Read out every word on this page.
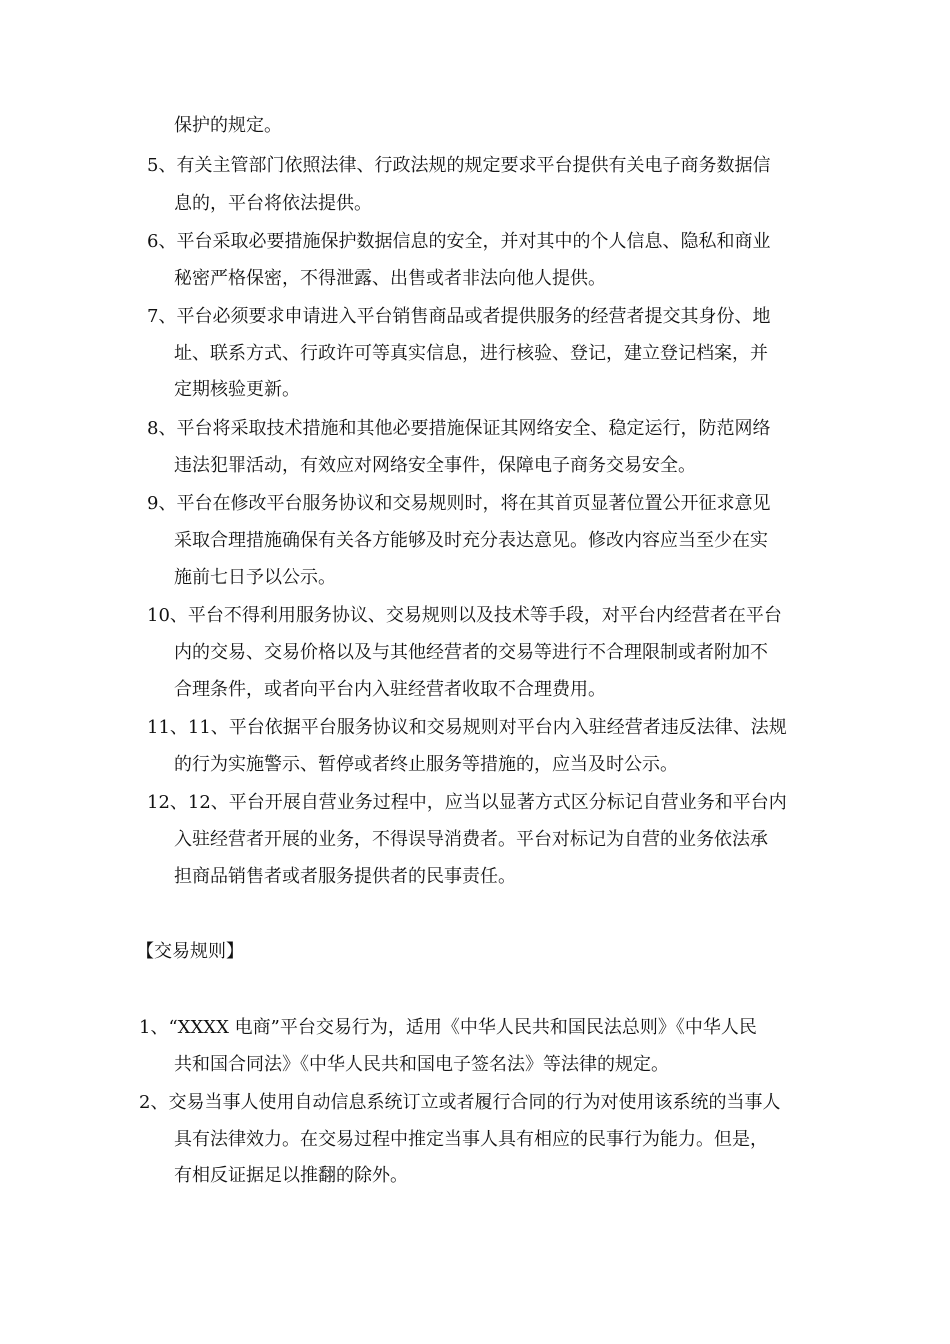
保护的规定。
5、有关主管部门依照法律、行政法规的规定要求平台提供有关电子商务数据信
息的，平台将依法提供。
6、平台采取必要措施保护数据信息的安全，并对其中的个人信息、隐私和商业
秘密严格保密，不得泄露、出售或者非法向他人提供。
7、平台必须要求申请进入平台销售商品或者提供服务的经营者提交其身份、地
址、联系方式、行政许可等真实信息，进行核验、登记，建立登记档案，并
定期核验更新。
8、平台将采取技术措施和其他必要措施保证其网络安全、稳定运行，防范网络
违法犯罪活动，有效应对网络安全事件，保障电子商务交易安全。
9、平台在修改平台服务协议和交易规则时，将在其首页显著位置公开征求意见
采取合理措施确保有关各方能够及时充分表达意见。修改内容应当至少在实
施前七日予以公示。
10、平台不得利用服务协议、交易规则以及技术等手段，对平台内经营者在平台
内的交易、交易价格以及与其他经营者的交易等进行不合理限制或者附加不
合理条件，或者向平台内入驻经营者收取不合理费用。
11、11、平台依据平台服务协议和交易规则对平台内入驻经营者违反法律、法规
的行为实施警示、暂停或者终止服务等措施的，应当及时公示。
12、12、平台开展自营业务过程中，应当以显著方式区分标记自营业务和平台内
入驻经营者开展的业务，不得误导消费者。平台对标记为自营的业务依法承
担商品销售者或者服务提供者的民事责任。
【交易规则】
1、“XXXX 电商”平台交易行为，适用《中华人民共和国民法总则》《中华人民
共和国合同法》《中华人民共和国电子签名法》等法律的规定。
2、交易当事人使用自动信息系统订立或者履行合同的行为对使用该系统的当事人
具有法律效力。在交易过程中推定当事人具有相应的民事行为能力。但是，
有相反证据足以推翻的除外。
